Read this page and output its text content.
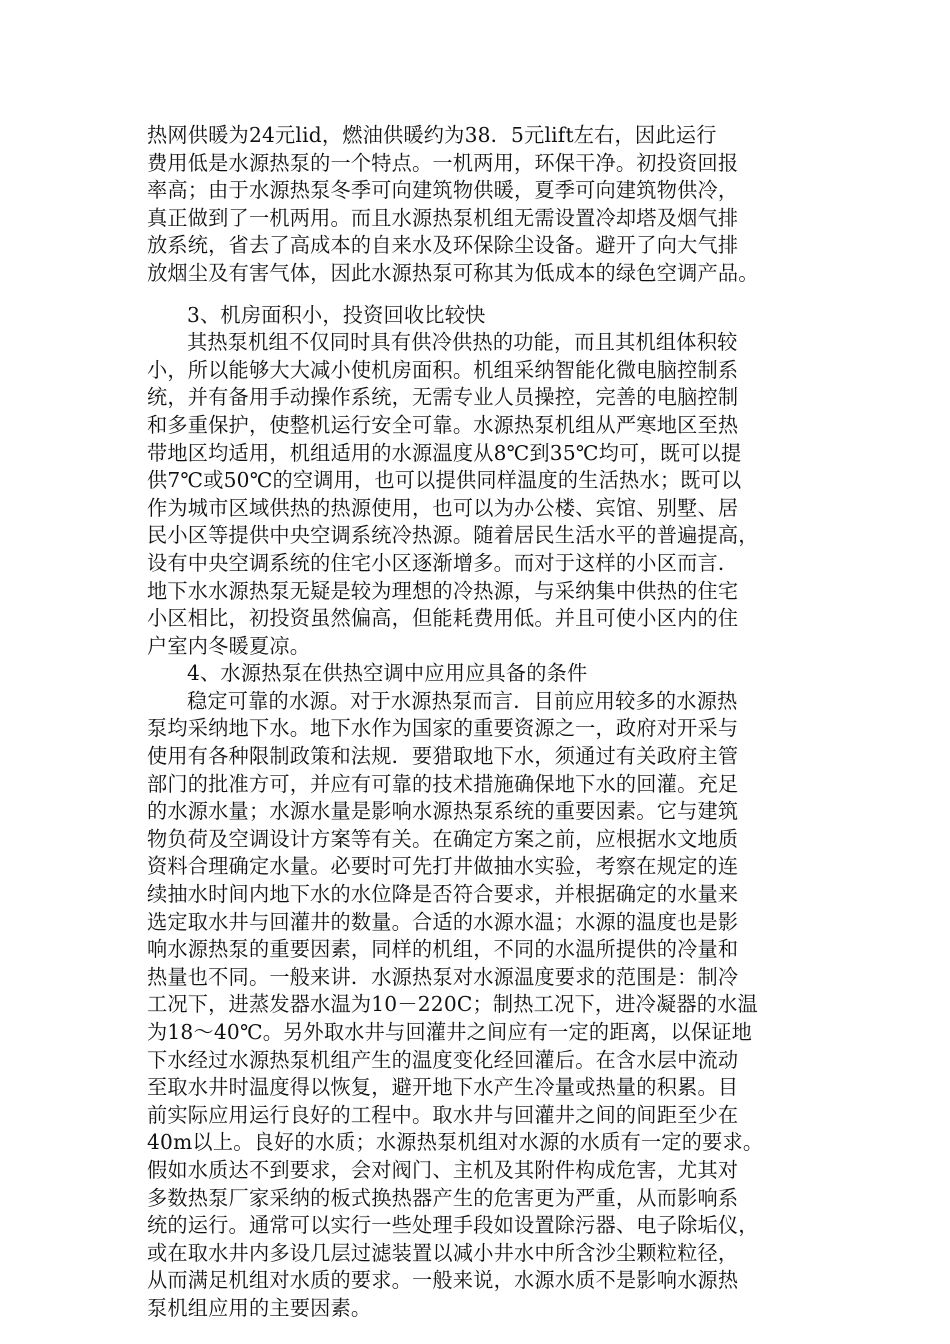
热网供暖为24元lid，燃油供暖约为38．5元lift左右，因此运行
费用低是水源热泵的一个特点。一机两用，环保干净。初投资回报
率高；由于水源热泵冬季可向建筑物供暖，夏季可向建筑物供冷，
真正做到了一机两用。而且水源热泵机组无需设置冷却塔及烟气排
放系统，省去了高成本的自来水及环保除尘设备。避开了向大气排
放烟尘及有害气体，因此水源热泵可称其为低成本的绿色空调产品。
3、机房面积小，投资回收比较快
其热泵机组不仅同时具有供冷供热的功能，而且其机组体积较
小，所以能够大大减小使机房面积。机组采纳智能化微电脑控制系
统，并有备用手动操作系统，无需专业人员操控，完善的电脑控制
和多重保护，使整机运行安全可靠。水源热泵机组从严寒地区至热
带地区均适用，机组适用的水源温度从8℃到35℃均可，既可以提
供7℃或50℃的空调用，也可以提供同样温度的生活热水；既可以
作为城市区域供热的热源使用，也可以为办公楼、宾馆、别墅、居
民小区等提供中央空调系统冷热源。随着居民生活水平的普遍提高，
设有中央空调系统的住宅小区逐渐增多。而对于这样的小区而言．
地下水水源热泵无疑是较为理想的冷热源，与采纳集中供热的住宅
小区相比，初投资虽然偏高，但能耗费用低。并且可使小区内的住
户室内冬暖夏凉。
4、水源热泵在供热空调中应用应具备的条件
稳定可靠的水源。对于水源热泵而言．目前应用较多的水源热
泵均采纳地下水。地下水作为国家的重要资源之一，政府对开采与
使用有各种限制政策和法规．要猎取地下水，须通过有关政府主管
部门的批准方可，并应有可靠的技术措施确保地下水的回灌。充足
的水源水量；水源水量是影响水源热泵系统的重要因素。它与建筑
物负荷及空调设计方案等有关。在确定方案之前，应根据水文地质
资料合理确定水量。必要时可先打井做抽水实验，考察在规定的连
续抽水时间内地下水的水位降是否符合要求，并根据确定的水量来
选定取水井与回灌井的数量。合适的水源水温；水源的温度也是影
响水源热泵的重要因素，同样的机组，不同的水温所提供的冷量和
热量也不同。一般来讲．水源热泵对水源温度要求的范围是：制冷
工况下，进蒸发器水温为10－220C；制热工况下，进冷凝器的水温
为18～40℃。另外取水井与回灌井之间应有一定的距离，以保证地
下水经过水源热泵机组产生的温度变化经回灌后。在含水层中流动
至取水井时温度得以恢复，避开地下水产生冷量或热量的积累。目
前实际应用运行良好的工程中。取水井与回灌井之间的间距至少在
40m以上。良好的水质；水源热泵机组对水源的水质有一定的要求。
假如水质达不到要求，会对阀门、主机及其附件构成危害，尤其对
多数热泵厂家采纳的板式换热器产生的危害更为严重，从而影响系
统的运行。通常可以实行一些处理手段如设置除污器、电子除垢仪，
或在取水井内多设几层过滤装置以减小井水中所含沙尘颗粒粒径，
从而满足机组对水质的要求。一般来说，水源水质不是影响水源热
泵机组应用的主要因素。
